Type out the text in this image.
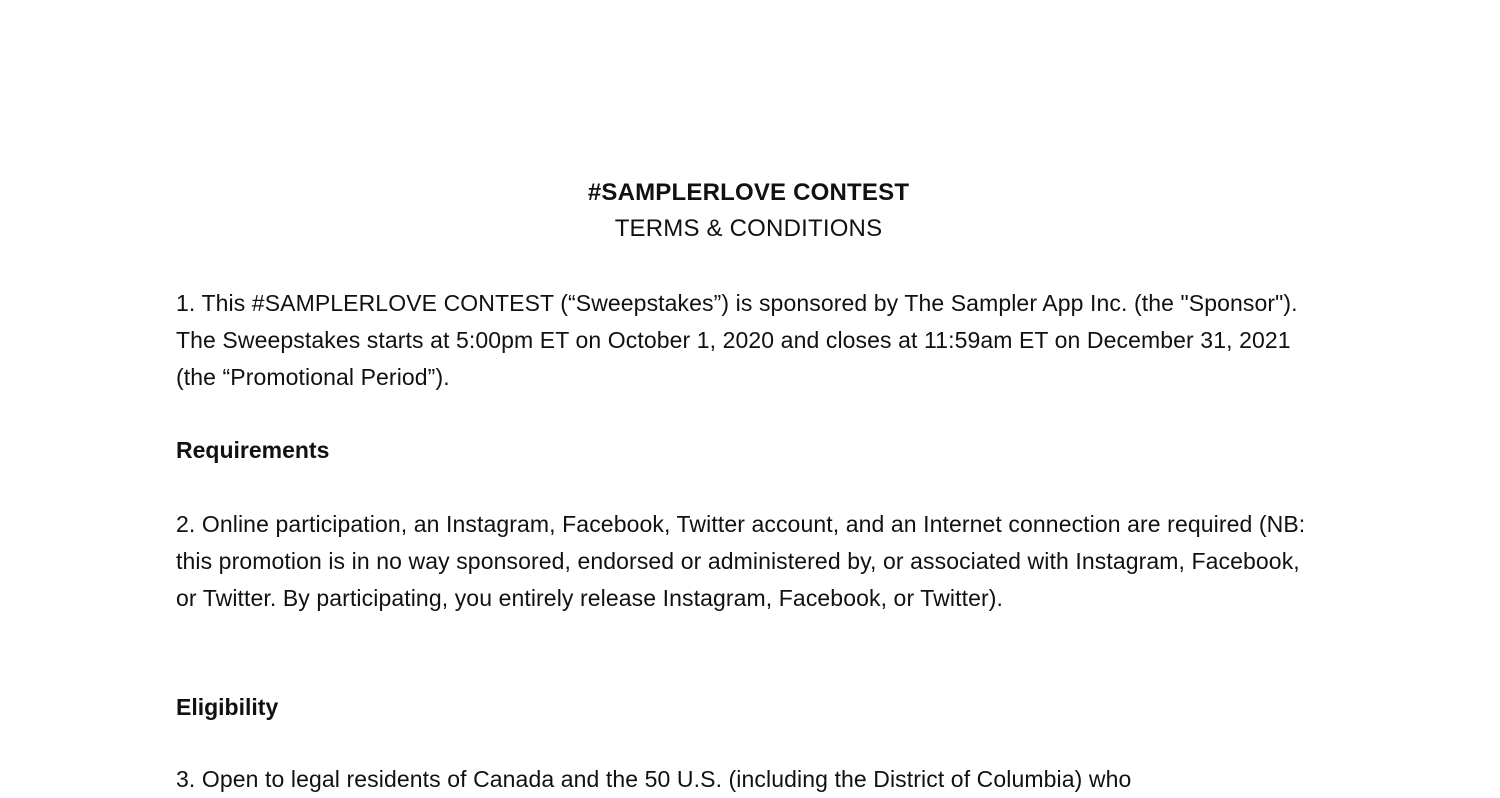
#SAMPLERLOVE CONTEST
TERMS & CONDITIONS

1. This #SAMPLERLOVE CONTEST (“Sweepstakes”) is sponsored by The Sampler App Inc. (the "Sponsor"). The Sweepstakes starts at 5:00pm ET on October 1, 2020 and closes at 11:59am ET on December 31, 2021 (the “Promotional Period”).

Requirements

2. Online participation, an Instagram, Facebook, Twitter account, and an Internet connection are required (NB: this promotion is in no way sponsored, endorsed or administered by, or associated with Instagram, Facebook, or Twitter. By participating, you entirely release Instagram, Facebook, or Twitter).

Eligibility

3. Open to legal residents of Canada and the 50 U.S. (including the District of Columbia) who
